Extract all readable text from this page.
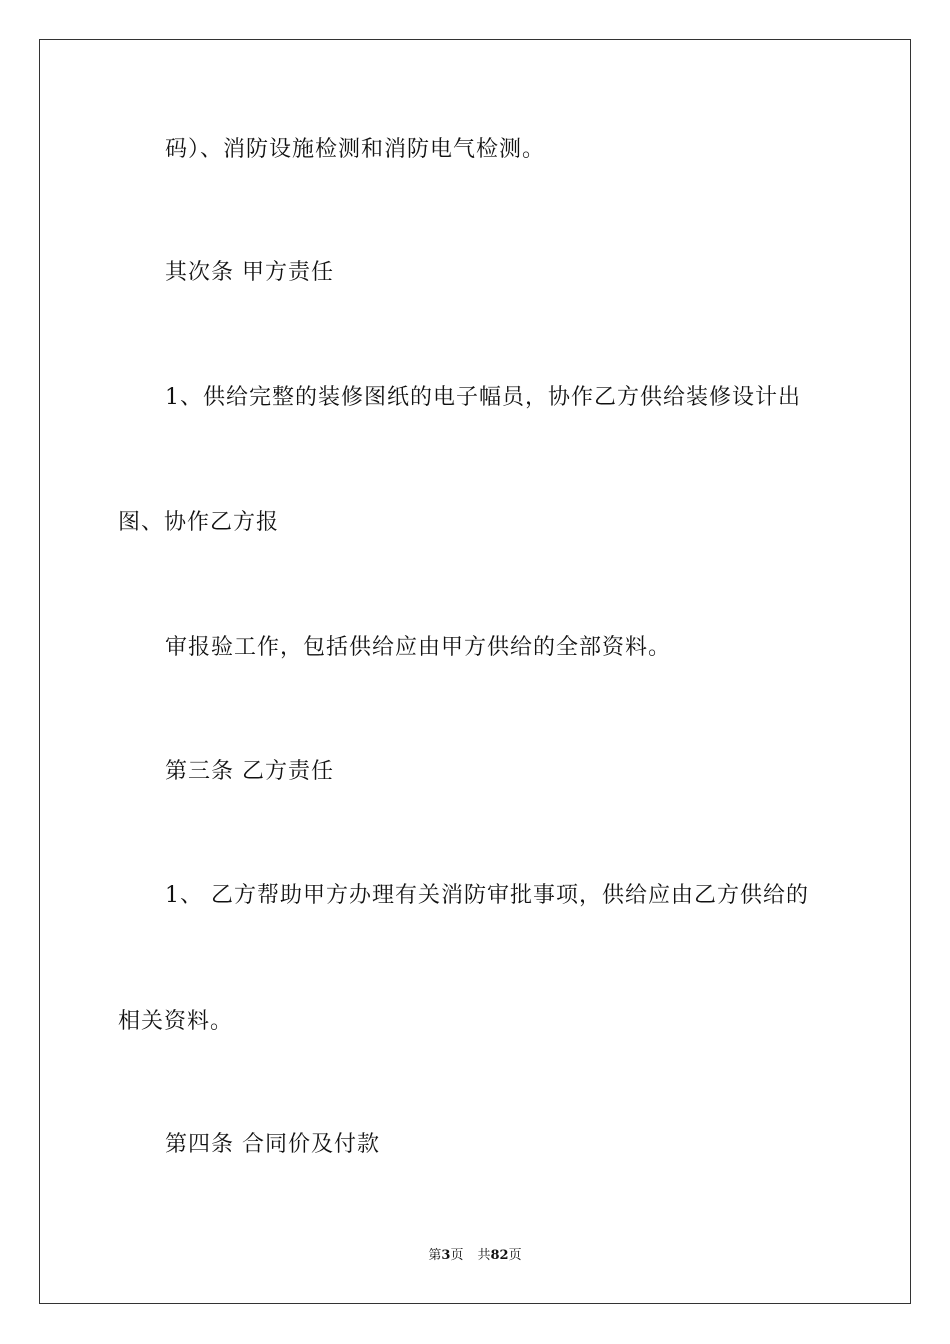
码）、消防设施检测和消防电气检测。
其次条 甲方责任
1、供给完整的装修图纸的电子幅员，协作乙方供给装修设计出
图、协作乙方报
审报验工作，包括供给应由甲方供给的全部资料。
第三条 乙方责任
1、 乙方帮助甲方办理有关消防审批事项，供给应由乙方供给的
相关资料。
第四条 合同价及付款
第3页 共82页
